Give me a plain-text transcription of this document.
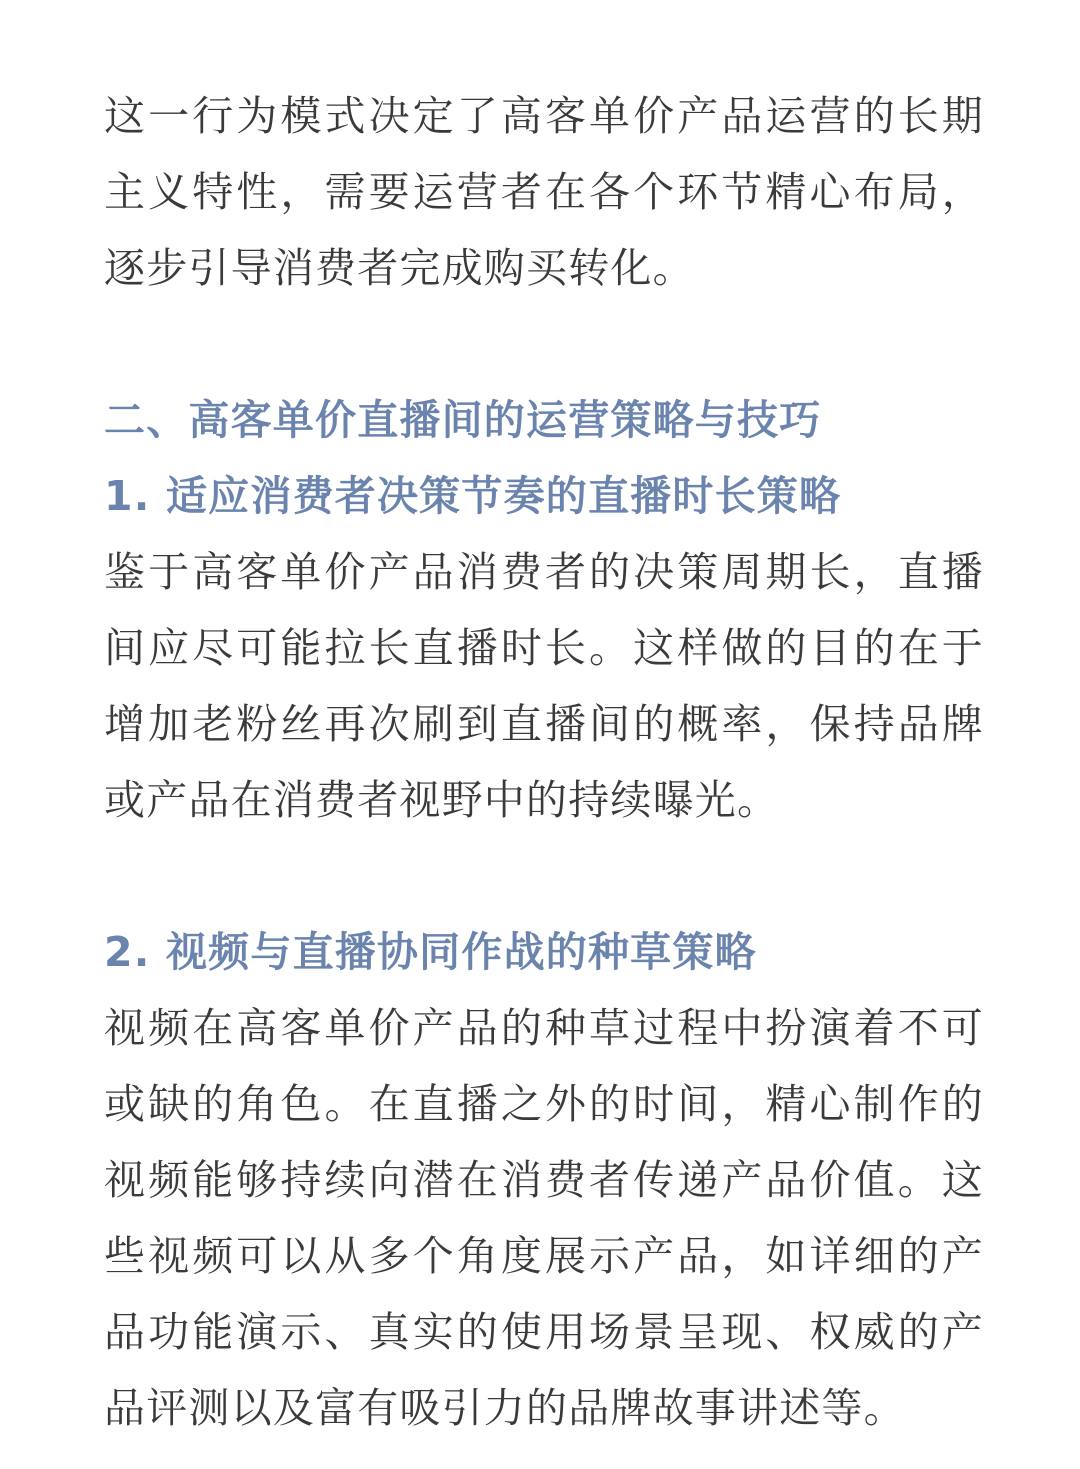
这一行为模式决定了高客单价产品运营的长期主义特性，需要运营者在各个环节精心布局，逐步引导消费者完成购买转化。

二、高客单价直播间的运营策略与技巧
1. 适应消费者决策节奏的直播时长策略

鉴于高客单价产品消费者的决策周期长，直播间应尽可能拉长直播时长。这样做的目的在于增加老粉丝再次刷到直播间的概率，保持品牌或产品在消费者视野中的持续曝光。

2. 视频与直播协同作战的种草策略

视频在高客单价产品的种草过程中扮演着不可或缺的角色。在直播之外的时间，精心制作的视频能够持续向潜在消费者传递产品价值。这些视频可以从多个角度展示产品，如详细的产品功能演示、真实的使用场景呈现、权威的产品评测以及富有吸引力的品牌故事讲述等。
